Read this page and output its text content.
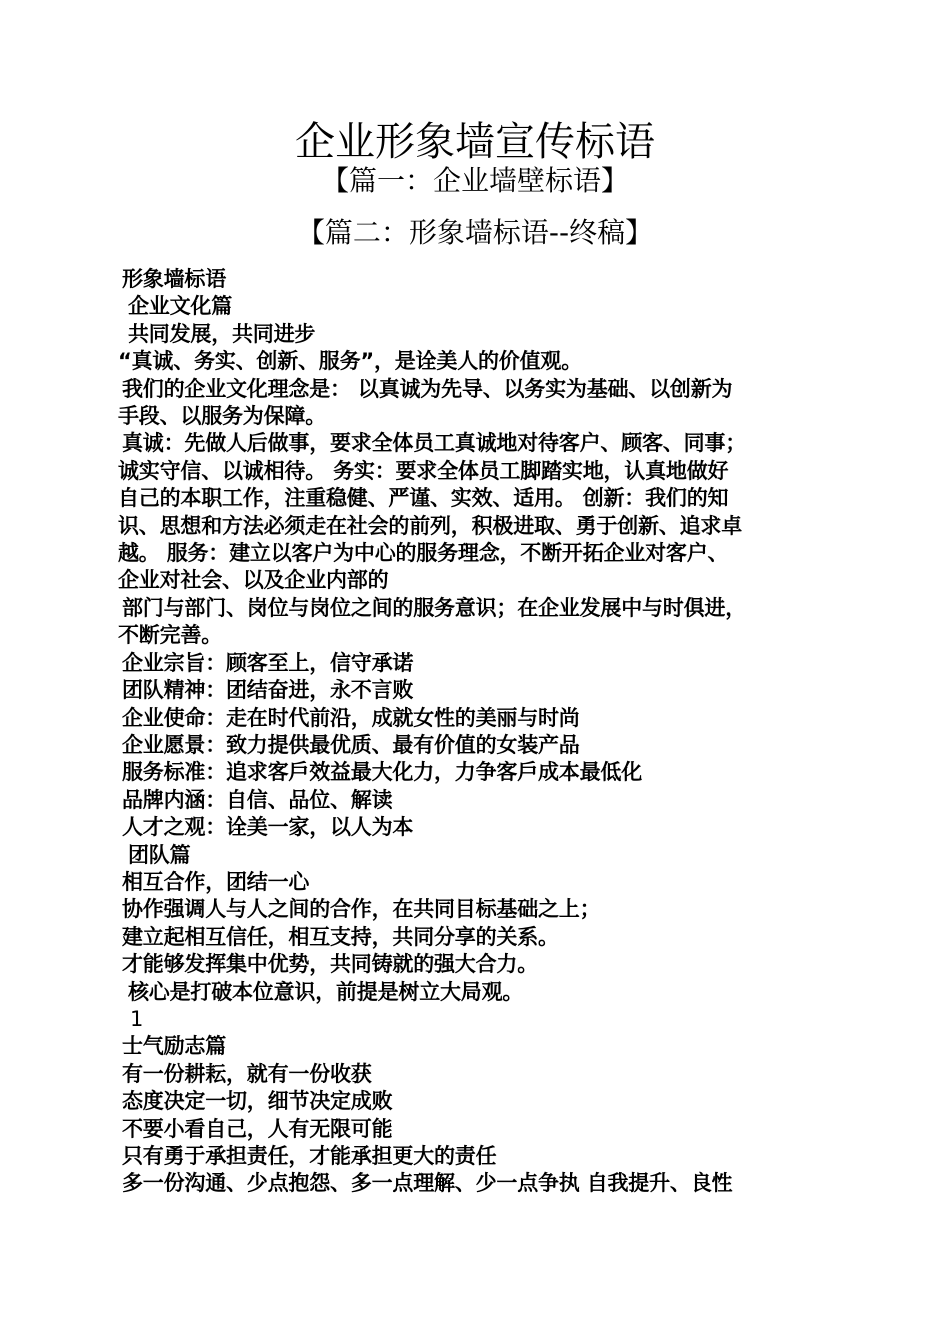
企业形象墙宣传标语
【篇一：企业墙壁标语】
【篇二：形象墙标语--终稿】
形象墙标语
企业文化篇
共同发展，共同进步
“真诚、务实、创新、服务”，是诠美人的价值观。
我们的企业文化理念是： 以真诚为先导、以务实为基础、以创新为
手段、以服务为保障。
真诚：先做人后做事，要求全体员工真诚地对待客户、顾客、同事；
诚实守信、以诚相待。 务实：要求全体员工脚踏实地，认真地做好
自己的本职工作，注重稳健、严谨、实效、适用。 创新：我们的知
识、思想和方法必须走在社会的前列，积极进取、勇于创新、追求卓
越。 服务：建立以客户为中心的服务理念，不断开拓企业对客户、
企业对社会、以及企业内部的
部门与部门、岗位与岗位之间的服务意识；在企业发展中与时俱进，
不断完善。
企业宗旨：顾客至上，信守承诺
团队精神：团结奋进，永不言败
企业使命：走在时代前沿，成就女性的美丽与时尚
企业愿景：致力提供最优质、最有价值的女装产品
服务标准：追求客戶效益最大化力，力争客戶成本最低化
品牌内涵：自信、品位、解读
人才之观：诠美一家，以人为本
团队篇
相互合作，团结一心
协作强调人与人之间的合作，在共同目标基础之上；
建立起相互信任，相互支持，共同分享的关系。
才能够发挥集中优势，共同铸就的强大合力。
核心是打破本位意识，前提是树立大局观。
1
士气励志篇
有一份耕耘，就有一份收获
态度决定一切，细节决定成败
不要小看自己，人有无限可能
只有勇于承担责任，才能承担更大的责任
多一份沟通、少点抱怨、多一点理解、少一点争执 自我提升、良性
